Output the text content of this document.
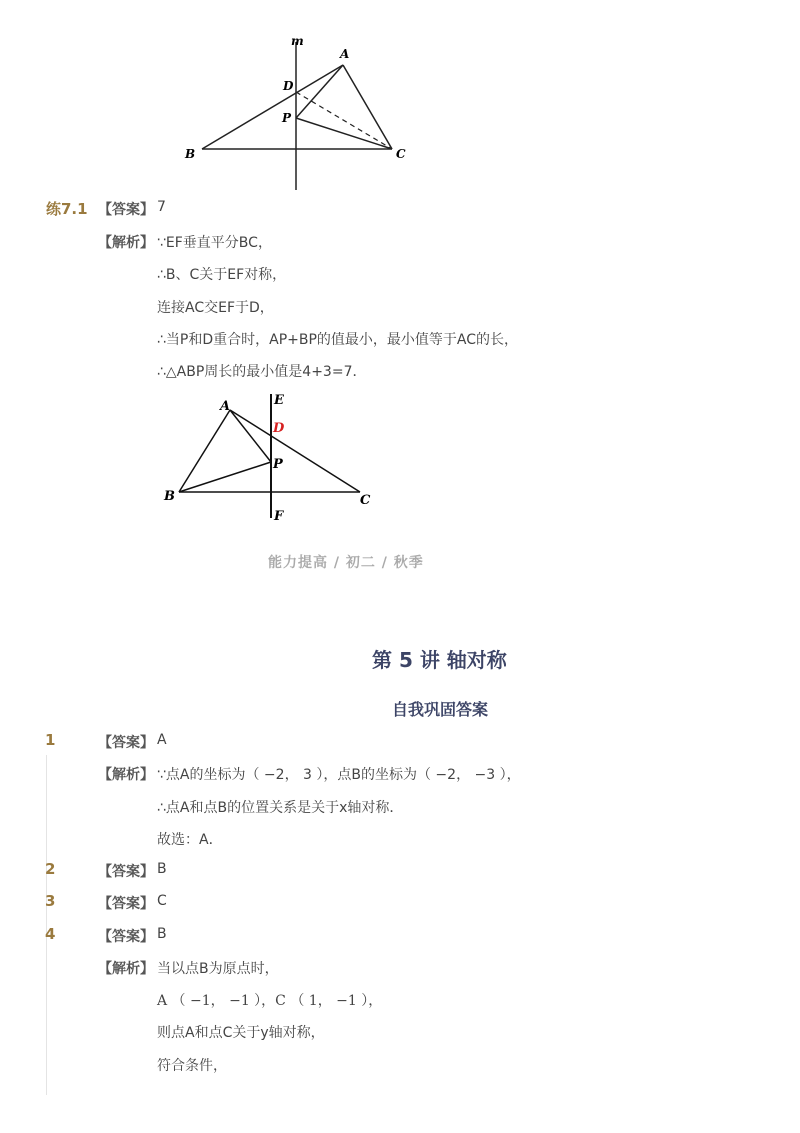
m
A
D
P
B	C
练7.1 【答案】 7
【解析】 ∵EF垂直平分BC，
∴B、C关于EF对称，
连接AC交EF于D，
∴当P和D重合时，AP+BP的值最小，最小值等于AC的长，
∴△ABP周长的最小值是4+3=7．
A	E
D
P
B	C
F
能力提高 / 初二 / 秋季
第 5 讲 轴对称
自我巩固答案
1	【答案】 A
【解析】 ∵点A的坐标为（ −2， 3 ），点B的坐标为（ −2， −3 ），
∴点A和点B的位置关系是关于x轴对称．
故选：A．
2	【答案】 B
3	【答案】 C
4	【答案】 B
【解析】 当以点B为原点时，
A （ −1， −1 ），C （ 1， −1 ），
则点A和点C关于y轴对称，
符合条件，
